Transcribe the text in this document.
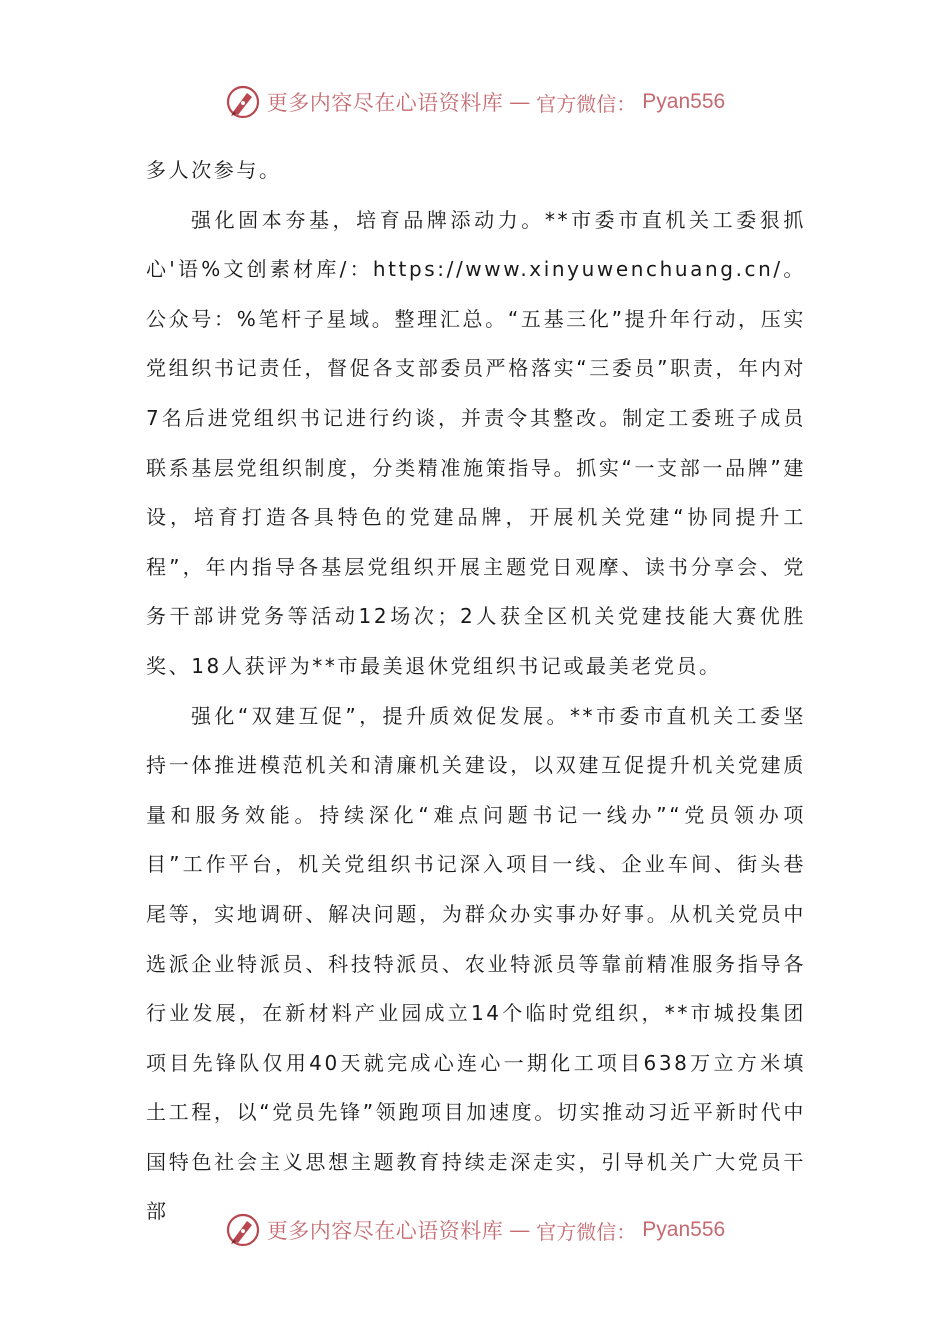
更多内容尽在心语资料库 — 官方微信： Pyan556

多人次参与。

强化固本夯基，培育品牌添动力。**市委市直机关工委狠抓心'语%文创素材库/：https://www.xinyuwenchuang.cn/。公众号：%笔杆子星域。整理汇总。“五基三化”提升年行动，压实党组织书记责任，督促各支部委员严格落实“三委员”职责，年内对7名后进党组织书记进行约谈，并责令其整改。制定工委班子成员联系基层党组织制度，分类精准施策指导。抓实“一支部一品牌”建设，培育打造各具特色的党建品牌，开展机关党建“协同提升工程”，年内指导各基层党组织开展主题党日观摩、读书分享会、党务干部讲党务等活动12场次；2人获全区机关党建技能大赛优胜奖、18人获评为**市最美退休党组织书记或最美老党员。

强化“双建互促”，提升质效促发展。**市委市直机关工委坚持一体推进模范机关和清廉机关建设，以双建互促提升机关党建质量和服务效能。持续深化“难点问题书记一线办”“党员领办项目”工作平台，机关党组织书记深入项目一线、企业车间、街头巷尾等，实地调研、解决问题，为群众办实事办好事。从机关党员中选派企业特派员、科技特派员、农业特派员等靠前精准服务指导各行业发展，在新材料产业园成立14个临时党组织，**市城投集团项目先锋队仅用40天就完成心连心一期化工项目638万立方米填土工程，以“党员先锋”领跑项目加速度。切实推动习近平新时代中国特色社会主义思想主题教育持续走深走实，引导机关广大党员干部

更多内容尽在心语资料库 — 官方微信： Pyan556
